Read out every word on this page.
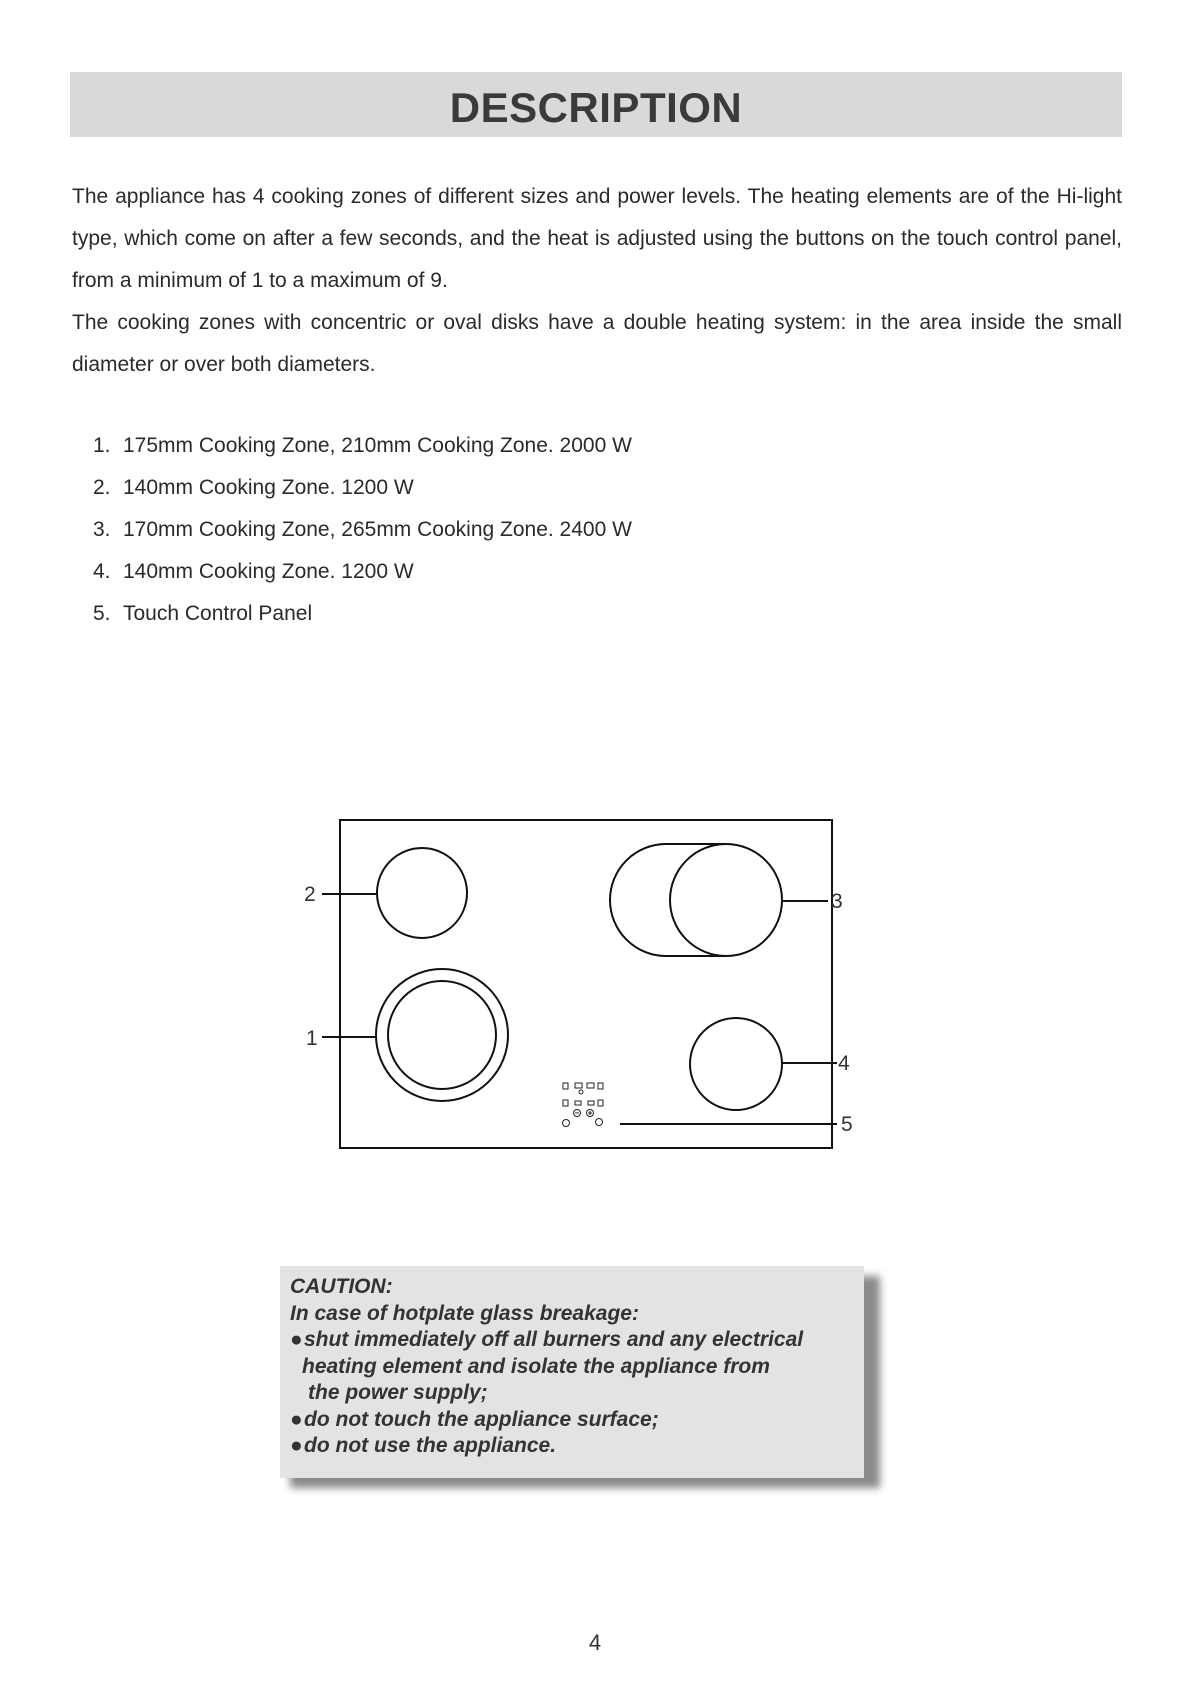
DESCRIPTION

The appliance has 4 cooking zones of different sizes and power levels. The heating elements are of the Hi-light type, which come on after a few seconds, and the heat is adjusted using the buttons on the touch control panel, from a minimum of 1 to a maximum of 9.

The cooking zones with concentric or oval disks have a double heating system: in the area inside the small diameter or over both diameters.

1. 175mm Cooking Zone, 210mm Cooking Zone. 2000 W
2. 140mm Cooking Zone. 1200 W
3. 170mm Cooking Zone, 265mm Cooking Zone. 2400 W
4. 140mm Cooking Zone. 1200 W
5. Touch Control Panel
2
1
3
4
5
CAUTION:
In case of hotplate glass breakage:
●shut immediately off all burners and any electrical
heating element and isolate the appliance from
the power supply;
●do not touch the appliance surface;
●do not use the appliance.
4
